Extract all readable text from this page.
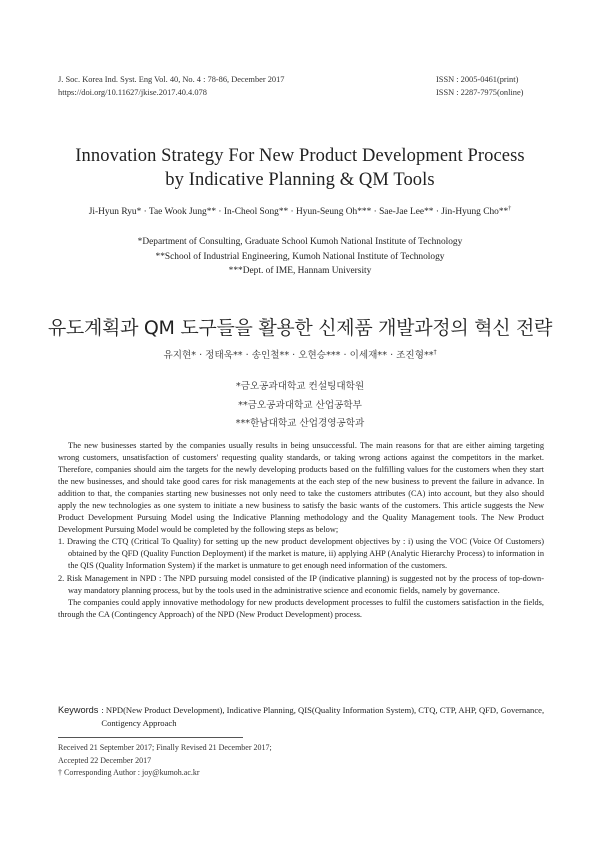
J. Soc. Korea Ind. Syst. Eng Vol. 40, No. 4 : 78-86, December 2017
https://doi.org/10.11627/jkise.2017.40.4.078
ISSN : 2005-0461(print)
ISSN : 2287-7975(online)
Innovation Strategy For New Product Development Process
by Indicative Planning & QM Tools
Ji-Hyun Ryu* · Tae Wook Jung** · In-Cheol Song** · Hyun-Seung Oh*** · Sae-Jae Lee** · Jin-Hyung Cho**†
*Department of Consulting, Graduate School Kumoh National Institute of Technology
**School of Industrial Engineering, Kumoh National Institute of Technology
***Dept. of IME, Hannam University
유도계획과 QM 도구들을 활용한 신제품 개발과정의 혁신 전략
유지현* · 정태욱** · 송인철** · 오현승*** · 이세재** · 조진형**†
*금오공과대학교 컨설팅대학원
**금오공과대학교 산업공학부
***한남대학교 산업경영공학과

The new businesses started by the companies usually results in being unsuccessful. The main reasons for that are either aiming targeting wrong customers, unsatisfaction of customers' requesting quality standards, or taking wrong actions against the competitors in the market. Therefore, companies should aim the targets for the newly developing products based on the fulfilling values for the customers when they start the new businesses, and should take good cares for risk managements at the each step of the new business to prevent the failure in advance. In addition to that, the companies starting new businesses not only need to take the customers attributes (CA) into account, but they also should apply the new technologies as one system to initiate a new business to satisfy the basic wants of the customers. This article suggests the New Product Development Pursuing Model using the Indicative Planning methodology and the Quality Management tools. The New Product Development Pursuing Model would be completed by the following steps as below;

1. Drawing the CTQ (Critical To Quality) for setting up the new product development objectives by : i) using the VOC (Voice Of Customers) obtained by the QFD (Quality Function Deployment) if the market is mature, ii) applying AHP (Analytic Hierarchy Process) to information in the QIS (Quality Information System) if the market is unmature to get enough need information of the customers.

2. Risk Management in NPD : The NPD pursuing model consisted of the IP (indicative planning) is suggested not by the process of top-down-way mandatory planning process, but by the tools used in the administrative science and economic fields, namely by governance.

The companies could apply innovative methodology for new products development processes to fulfil the customers satisfaction in the fields, through the CA (Contingency Approach) of the NPD (New Product Development) process.

Keywords : NPD(New Product Development), Indicative Planning, QIS(Quality Information System), CTQ, CTP, AHP, QFD, Governance, Contigency Approach
Received 21 September 2017; Finally Revised 21 December 2017;
Accepted 22 December 2017
† Corresponding Author : joy@kumoh.ac.kr
